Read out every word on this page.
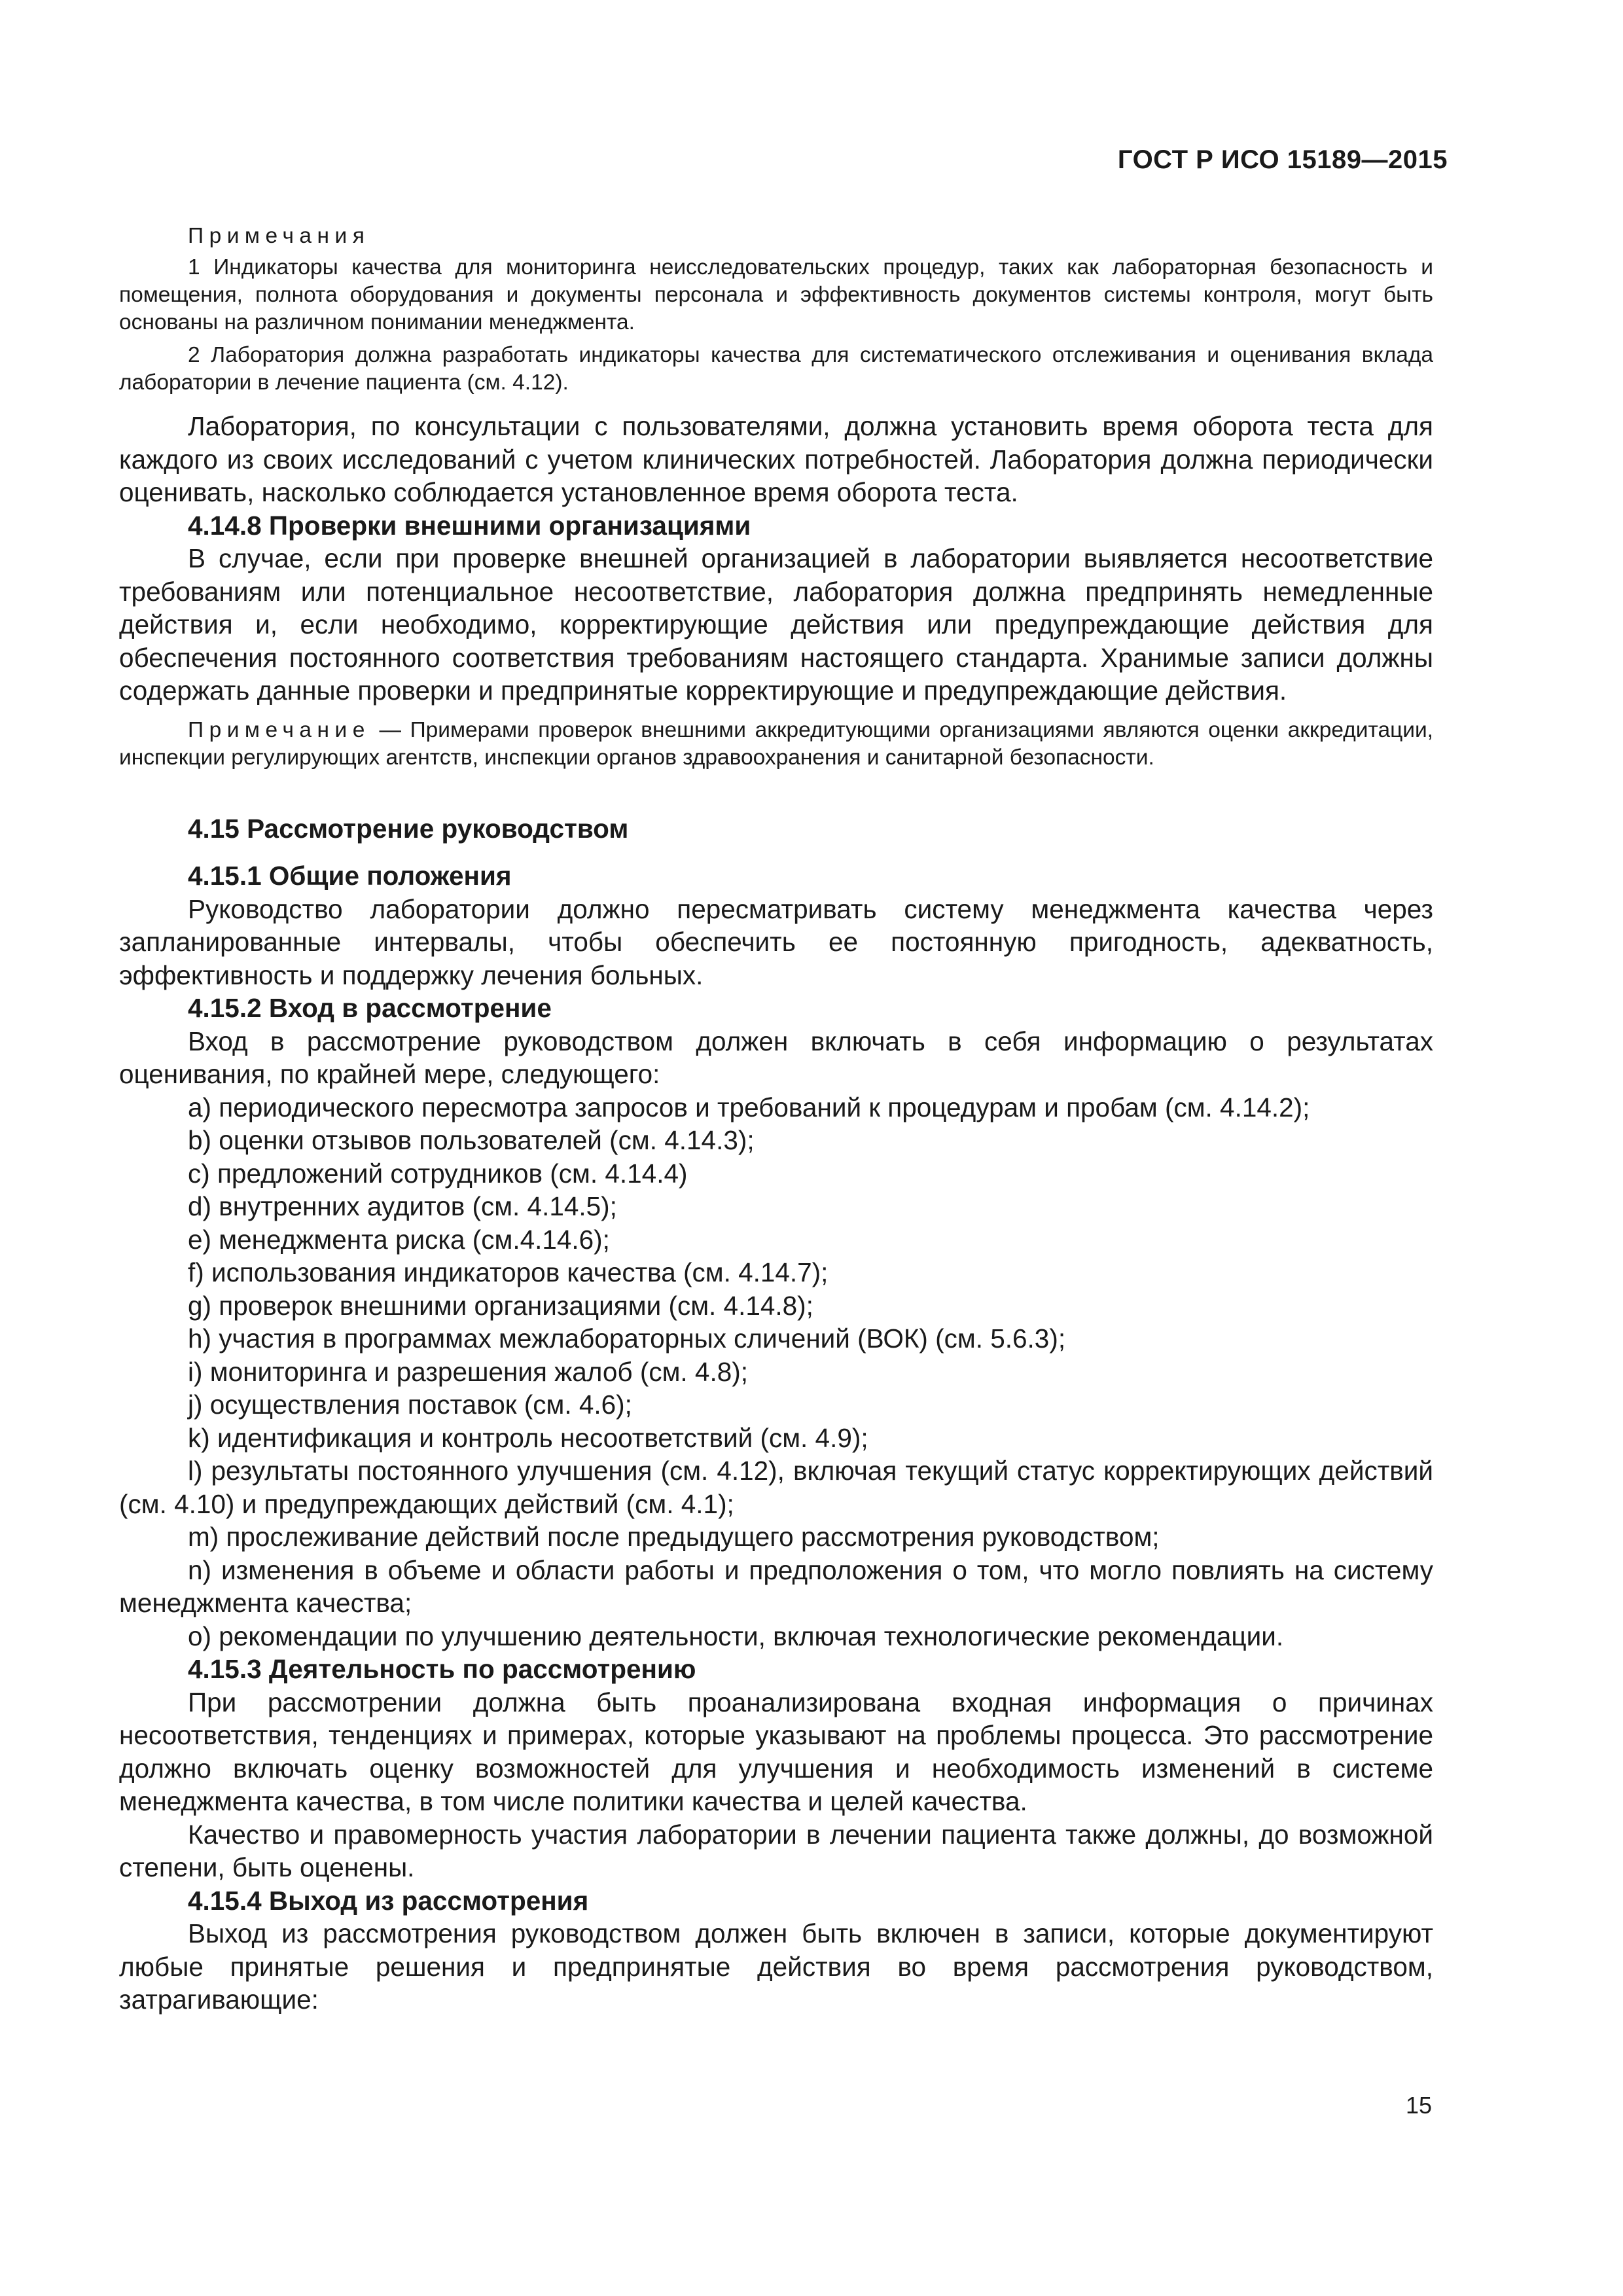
ГОСТ Р ИСО 15189—2015
Примечания

1 Индикаторы качества для мониторинга неисследовательских процедур, таких как лабораторная безопасность и помещения, полнота оборудования и документы персонала и эффективность документов системы контроля, могут быть основаны на различном понимании менеджмента.

2 Лаборатория должна разработать индикаторы качества для систематического отслеживания и оценивания вклада лаборатории в лечение пациента (см. 4.12).

Лаборатория, по консультации с пользователями, должна установить время оборота теста для каждого из своих исследований с учетом клинических потребностей. Лаборатория должна периодически оценивать, насколько соблюдается установленное время оборота теста.

4.14.8 Проверки внешними организациями

В случае, если при проверке внешней организацией в лаборатории выявляется несоответствие требованиям или потенциальное несоответствие, лаборатория должна предпринять немедленные действия и, если необходимо, корректирующие действия или предупреждающие действия для обеспечения постоянного соответствия требованиям настоящего стандарта. Хранимые записи должны содержать данные проверки и предпринятые корректирующие и предупреждающие действия.

Примечание — Примерами проверок внешними аккредитующими организациями являются оценки аккредитации, инспекции регулирующих агентств, инспекции органов здравоохранения и санитарной безопасности.

4.15 Рассмотрение руководством
4.15.1 Общие положения

Руководство лаборатории должно пересматривать систему менеджмента качества через запланированные интервалы, чтобы обеспечить ее постоянную пригодность, адекватность, эффективность и поддержку лечения больных.

4.15.2 Вход в рассмотрение

Вход в рассмотрение руководством должен включать в себя информацию о результатах оценивания, по крайней мере, следующего:

a) периодического пересмотра запросов и требований к процедурам и пробам (см. 4.14.2);

b) оценки отзывов пользователей (см. 4.14.3);

c) предложений сотрудников (см. 4.14.4)

d) внутренних аудитов (см. 4.14.5);

e) менеджмента риска (см.4.14.6);

f) использования индикаторов качества (см. 4.14.7);

g) проверок внешними организациями (см. 4.14.8);

h) участия в программах межлабораторных сличений (ВОК) (см. 5.6.3);

i) мониторинга и разрешения жалоб (см. 4.8);

j) осуществления поставок (см. 4.6);

k) идентификация и контроль несоответствий (см. 4.9);

l) результаты постоянного улучшения (см. 4.12), включая текущий статус корректирующих действий (см. 4.10) и предупреждающих действий (см. 4.1);

m) прослеживание действий после предыдущего рассмотрения руководством;

n) изменения в объеме и области работы и предположения о том, что могло повлиять на систему менеджмента качества;

o) рекомендации по улучшению деятельности, включая технологические рекомендации.

4.15.3 Деятельность по рассмотрению

При рассмотрении должна быть проанализирована входная информация о причинах несоответствия, тенденциях и примерах, которые указывают на проблемы процесса. Это рассмотрение должно включать оценку возможностей для улучшения и необходимость изменений в системе менеджмента качества, в том числе политики качества и целей качества.

Качество и правомерность участия лаборатории в лечении пациента также должны, до возможной степени, быть оценены.

4.15.4 Выход из рассмотрения

Выход из рассмотрения руководством должен быть включен в записи, которые документируют любые принятые решения и предпринятые действия во время рассмотрения руководством, затрагивающие:

15
